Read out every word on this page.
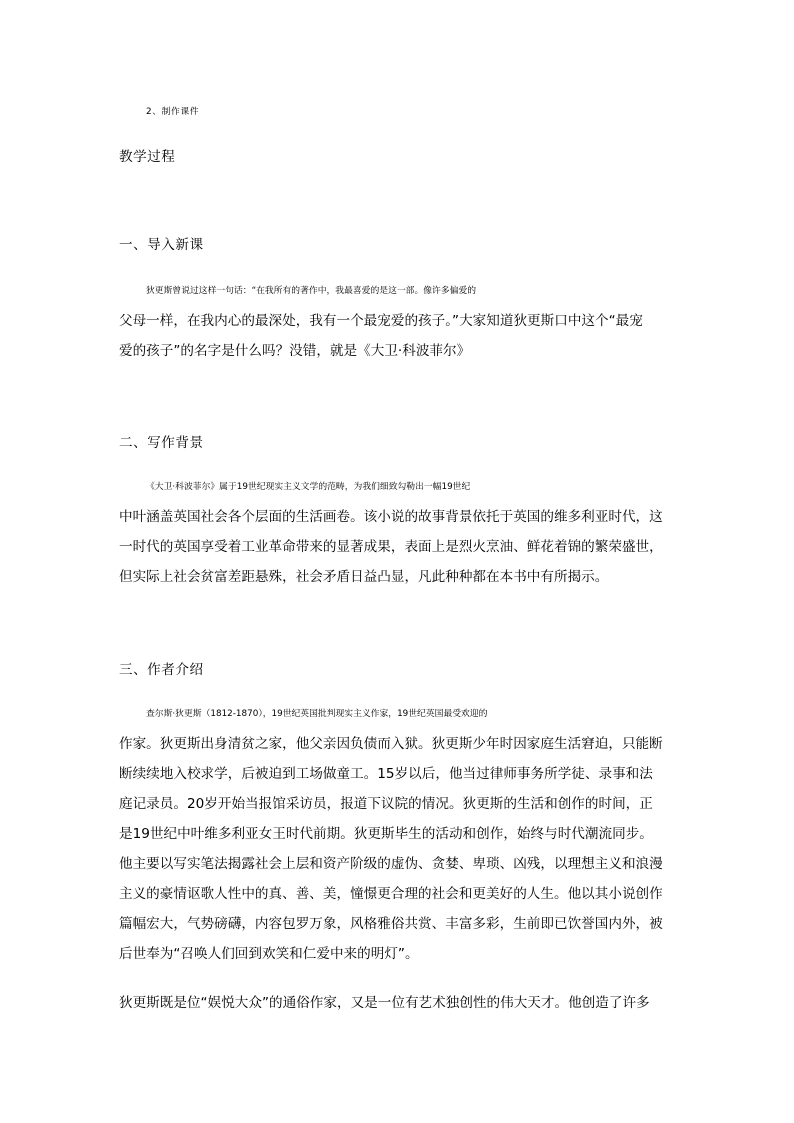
2、制作课件
教学过程
一、导入新课
狄更斯曾说过这样一句话：“在我所有的著作中，我最喜爱的是这一部。像许多偏爱的
父母一样，在我内心的最深处，我有一个最宠爱的孩子。”大家知道狄更斯口中这个“最宠
爱的孩子”的名字是什么吗？没错，就是《大卫·科波菲尔》
二、写作背景
《大卫·科波菲尔》属于19世纪现实主义文学的范畴，为我们细致勾勒出一幅19世纪
中叶涵盖英国社会各个层面的生活画卷。该小说的故事背景依托于英国的维多利亚时代，这
一时代的英国享受着工业革命带来的显著成果，表面上是烈火烹油、鲜花着锦的繁荣盛世，
但实际上社会贫富差距悬殊，社会矛盾日益凸显，凡此种种都在本书中有所揭示。
三、作者介绍
查尔斯·狄更斯（1812-1870），19世纪英国批判现实主义作家，19世纪英国最受欢迎的
作家。狄更斯出身清贫之家，他父亲因负债而入狱。狄更斯少年时因家庭生活窘迫，只能断
断续续地入校求学，后被迫到工场做童工。15岁以后，他当过律师事务所学徒、录事和法
庭记录员。20岁开始当报馆采访员，报道下议院的情况。狄更斯的生活和创作的时间，正
是19世纪中叶维多利亚女王时代前期。狄更斯毕生的活动和创作，始终与时代潮流同步。
他主要以写实笔法揭露社会上层和资产阶级的虚伪、贪婪、卑琐、凶残，以理想主义和浪漫
主义的豪情讴歌人性中的真、善、美，憧憬更合理的社会和更美好的人生。他以其小说创作
篇幅宏大，气势磅礴，内容包罗万象，风格雅俗共赏、丰富多彩，生前即已饮誉国内外，被
后世奉为“召唤人们回到欢笑和仁爱中来的明灯”。
狄更斯既是位“娱悦大众”的通俗作家，又是一位有艺术独创性的伟大天才。他创造了许多
